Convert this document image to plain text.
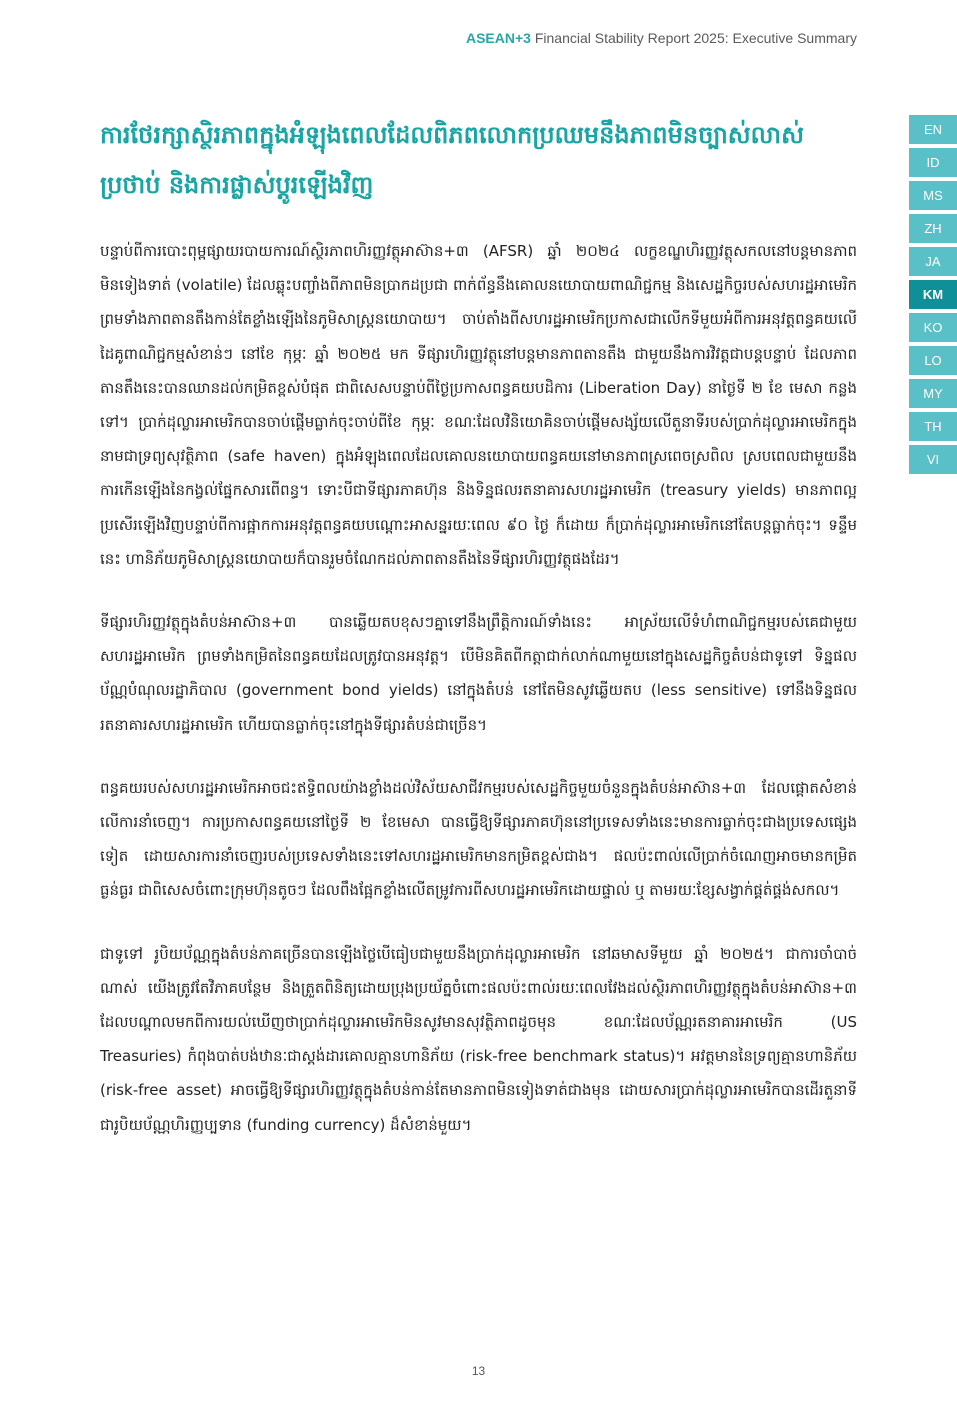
ASEAN+3 Financial Stability Report 2025: Executive Summary
EN
ID
MS
ZH
JA
KM
KO
LO
MY
TH
VI
ការថែរក្សាស្ថិរភាពក្នុងអំឡុងពេលដែលពិភពលោកប្រឈមនឹងភាពមិនច្បាស់លាស់ប្រថាប់ និងការផ្លាស់ប្តូរឡើងវិញ

បន្ទាប់ពីការបោះពុម្ពផ្សាយរបាយការណ៍ស្ថិរភាពហិរញ្ញវត្ថុអាស៊ាន+៣ (AFSR) ឆ្នាំ ២០២៤ លក្ខខណ្ឌហិរញ្ញវត្ថុសកលនៅបន្តមានភាពមិនទៀងទាត់ (volatile) ដែលឆ្លុះបញ្ចាំងពីភាពមិនប្រាកដប្រជា ពាក់ព័ន្ធនឹងគោលនយោបាយពាណិជ្ជកម្ម និងសេដ្ឋកិច្ចរបស់សហរដ្ឋអាមេរិក ព្រមទាំងភាពតានតឹងកាន់តែខ្លាំងឡើងនៃភូមិសាស្ត្រនយោបាយ។ ចាប់តាំងពីសហរដ្ឋអាមេរិកប្រកាសជាលើកទីមួយអំពីការអនុវត្តពន្ធគយលើដៃគូពាណិជ្ជកម្មសំខាន់ៗ នៅខែ កុម្ភៈ ឆ្នាំ ២០២៥ មក ទីផ្សារហិរញ្ញវត្ថុនៅបន្តមានភាពតានតឹង ជាមួយនឹងការវិវត្តជាបន្តបន្ទាប់ ដែលភាពតានតឹងនេះបានឈានដល់កម្រិតខ្ពស់បំផុត ជាពិសេសបន្ទាប់ពីថ្ងៃប្រកាសពន្ធគយបដិការ (Liberation Day) នាថ្ងៃទី ២ ខែ មេសា កន្លងទៅ។ ប្រាក់ដុល្លារអាមេរិកបានចាប់ផ្តើមធ្លាក់ចុះចាប់ពីខែ កុម្ភៈ ខណៈដែលវិនិយោគិនចាប់ផ្តើមសង្ស័យលើតួនាទីរបស់ប្រាក់ដុល្លារអាមេរិកក្នុងនាមជាទ្រព្យសុវត្ថិភាព (safe haven) ក្នុងអំឡុងពេលដែលគោលនយោបាយពន្ធគយនៅមានភាពស្រពេចស្រពិល ស្របពេលជាមួយនឹងការកើនឡើងនៃកង្វល់ផ្នែកសារពើពន្ធ។ ទោះបីជាទីផ្សារភាគហ៊ុន និងទិន្នផលរតនាគារសហរដ្ឋអាមេរិក (treasury yields) មានភាពល្អប្រសើរឡើងវិញបន្ទាប់ពីការផ្អាកការអនុវត្តពន្ធគយបណ្តោះអាសន្នរយៈពេល ៩០ ថ្ងៃ ក៏ដោយ ក៏ប្រាក់ដុល្លារអាមេរិកនៅតែបន្តធ្លាក់ចុះ។ ទន្ទឹមនេះ ហានិភ័យភូមិសាស្ត្រនយោបាយក៏បានរួមចំណែកដល់ភាពតានតឹងនៃទីផ្សារហិរញ្ញវត្ថុផងដែរ។

ទីផ្សារហិរញ្ញវត្ថុក្នុងតំបន់អាស៊ាន+៣ បានឆ្លើយតបខុសៗគ្នាទៅនឹងព្រឹត្តិការណ៍ទាំងនេះ អាស្រ័យលើទំហំពាណិជ្ជកម្មរបស់គេជាមួយសហរដ្ឋអាមេរិក ព្រមទាំងកម្រិតនៃពន្ធគយដែលត្រូវបានអនុវត្ត។ បើមិនគិតពីកត្តាជាក់លាក់ណាមួយនៅក្នុងសេដ្ឋកិច្ចតំបន់ជាទូទៅ ទិន្នផលប័ណ្ណបំណុលរដ្ឋាភិបាល (government bond yields) នៅក្នុងតំបន់ នៅតែមិនសូវឆ្លើយតប (less sensitive) ទៅនឹងទិន្នផលរតនាគារសហរដ្ឋអាមេរិក ហើយបានធ្លាក់ចុះនៅក្នុងទីផ្សារតំបន់ជាច្រើន។

ពន្ធគយរបស់សហរដ្ឋអាមេរិកអាចជះឥទ្ធិពលយ៉ាងខ្លាំងដល់វិស័យសាជីវកម្មរបស់សេដ្ឋកិច្ចមួយចំនួនក្នុងតំបន់អាស៊ាន+៣ ដែលផ្តោតសំខាន់លើការនាំចេញ។ ការប្រកាសពន្ធគយនៅថ្ងៃទី ២ ខែមេសា បានធ្វើឱ្យទីផ្សារភាគហ៊ុននៅប្រទេសទាំងនេះមានការធ្លាក់ចុះជាងប្រទេសផ្សេងទៀត ដោយសារការនាំចេញរបស់ប្រទេសទាំងនេះទៅសហរដ្ឋអាមេរិកមានកម្រិតខ្ពស់ជាង។ ផលប៉ះពាល់លើប្រាក់ចំណេញអាចមានកម្រិតធ្ងន់ធ្ងរ ជាពិសេសចំពោះក្រុមហ៊ុនតូចៗ ដែលពឹងផ្អែកខ្លាំងលើតម្រូវការពីសហរដ្ឋអាមេរិកដោយផ្ទាល់ ឬ តាមរយៈខ្សែសង្វាក់ផ្គត់ផ្គង់សកល។

ជាទូទៅ រូបិយប័ណ្ណក្នុងតំបន់ភាគច្រើនបានឡើងថ្លៃបើធៀបជាមួយនឹងប្រាក់ដុល្លារអាមេរិក នៅឆមាសទីមួយ ឆ្នាំ ២០២៥។ ជាការចាំបាច់ណាស់ យើងត្រូវតែវិភាគបន្ថែម និងត្រួតពិនិត្យដោយប្រុងប្រយ័ត្នចំពោះផលប៉ះពាល់រយៈពេលវែងដល់ស្ថិរភាពហិរញ្ញវត្ថុក្នុងតំបន់អាស៊ាន+៣ ដែលបណ្តាលមកពីការយល់ឃើញថាប្រាក់ដុល្លារអាមេរិកមិនសូវមានសុវត្ថិភាពដូចមុន ខណៈដែលប័ណ្ណរតនាគារអាមេរិក (US Treasuries) កំពុងបាត់បង់ឋានៈជាស្តង់ដារគោលគ្មានហានិភ័យ (risk-free benchmark status)។ អវត្តមាននៃទ្រព្យគ្មានហានិភ័យ (risk-free asset) អាចធ្វើឱ្យទីផ្សារហិរញ្ញវត្ថុក្នុងតំបន់កាន់តែមានភាពមិនទៀងទាត់ជាងមុន ដោយសារប្រាក់ដុល្លារអាមេរិកបានដើរតួនាទីជារូបិយប័ណ្ណហិរញ្ញប្បទាន (funding currency) ដ៏សំខាន់មួយ។

13
